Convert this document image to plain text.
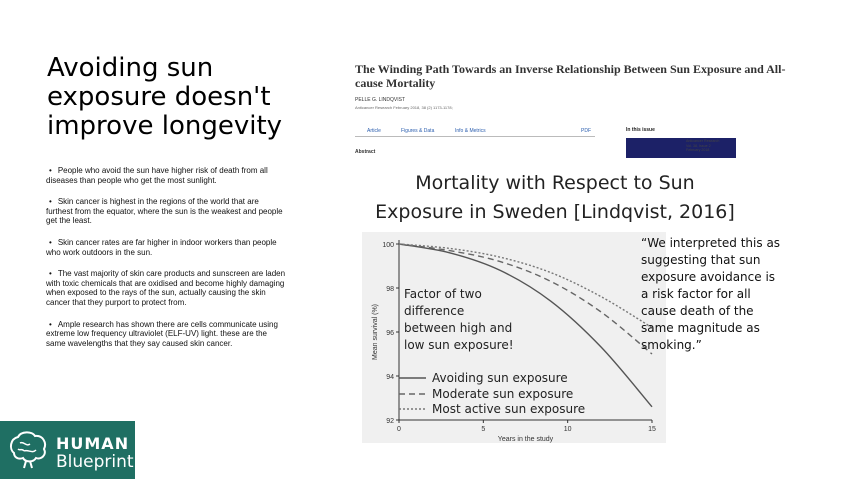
Avoiding sun
exposure doesn't
improve longevity
• People who avoid the sun have higher risk of death from all diseases than people who get the most sunlight.
• Skin cancer is highest in the regions of the world that are furthest from the equator, where the sun is the weakest and people get the least.
• Skin cancer rates are far higher in indoor workers than people who work outdoors in the sun.
• The vast majority of skin care products and sunscreen are laden with toxic chemicals that are oxidised and become highly damaging when exposed to the rays of the sun, actually causing the skin cancer that they purport to protect from.
• Ample research has shown there are cells communicate using extreme low frequency ultraviolet (ELF-UV) light. these are the same wavelengths that they say caused skin cancer.
HUMAN
Blueprint
The Winding Path Towards an Inverse Relationship Between Sun Exposure and All-cause Mortality
PELLE G. LINDQVIST
Anticancer Research February 2018, 38 (2) 1173-1178;
Article	Figures & Data	Info & Metrics	PDF
Abstract
In this issue
Anticancer Research
Vol. 38, Issue 2
February 2018
Mortality with Respect to Sun
Exposure in Sweden [Lindqvist, 2016]
92
94
96
98
100
0	5	10	15
Years in the study
Mean survival (%)
Avoiding sun exposure
Moderate sun exposure
Most active sun exposure
Factor of two difference between high and low sun exposure!
“We interpreted this as suggesting that sun exposure avoidance is a risk factor for all cause death of the same magnitude as smoking.”
